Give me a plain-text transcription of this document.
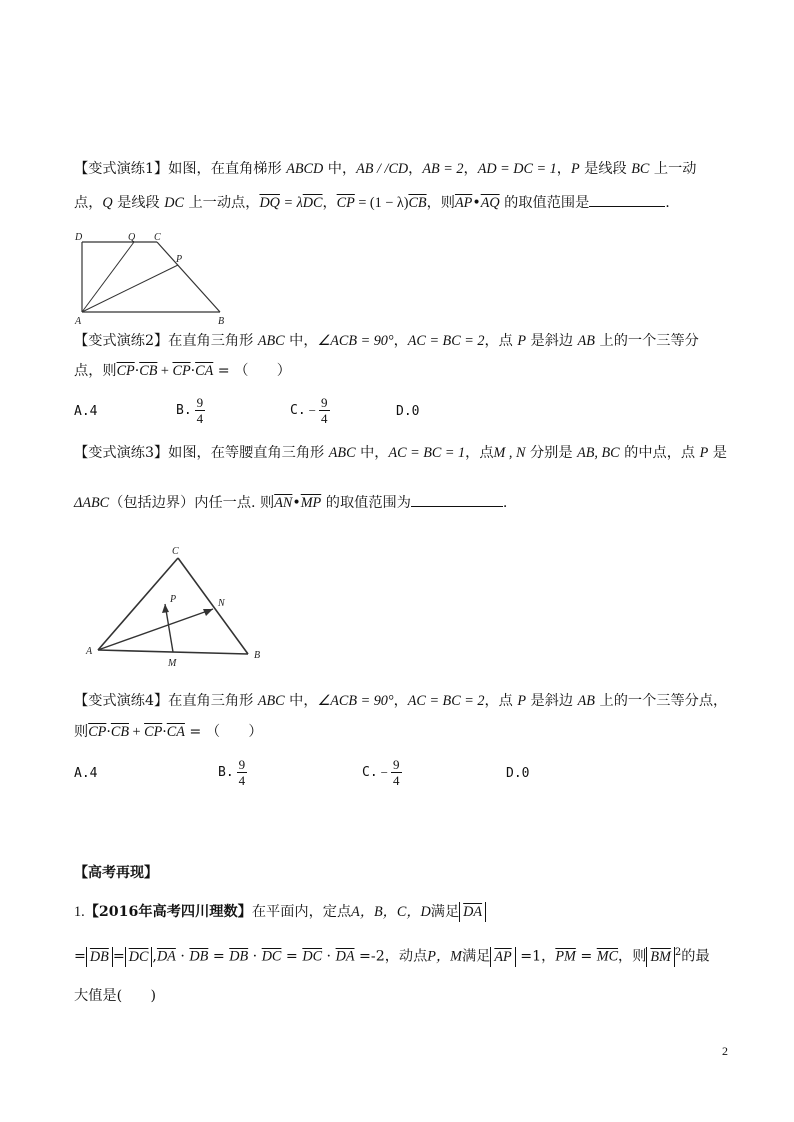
【变式演练1】如图，在直角梯形 ABCD 中，AB / /CD，AB = 2，AD = DC = 1，P 是线段 BC 上一动
点，Q 是线段 DC 上一动点，$\overline{DQ} = \lambda\overline{DC}$，$\overline{CP} = (1 - \lambda)\overline{CB}$，则$\overline{AP}•\overline{AQ}$ 的取值范围是	.
D	Q C
P
A	B
【变式演练2】在直角三角形 ABC 中，∠ACB = 90°，AC = BC = 2，点 P 是斜边 AB 上的一个三等分
点，则$\overline{CP}\cdot\overline{CB} + \overline{CP}\cdot\overline{CA}$ = （　　）
A.4	B. $\frac{9}{4}$	C. − $\frac{9}{4}$	D.0
【变式演练3】如图，在等腰直角三角形 ABC 中，AC = BC = 1，点M , N 分别是 AB, BC 的中点，点 P 是
ΔABC（包括边界）内任一点. 则$\overline{AN}•\overline{MP}$ 的取值范围为	.
C
P	N
A
M
B
【变式演练4】在直角三角形 ABC 中，∠ACB = 90°，AC = BC = 2，点 P 是斜边 AB 上的一个三等分点，
则$\overline{CP}\cdot\overline{CB} + \overline{CP}\cdot\overline{CA}$ = （　　）
A.4	B. $\frac{9}{4}$	C. − $\frac{9}{4}$	D.0
【高考再现】
1.【2016年高考四川理数】在平面内，定点A，B，C，D满足 $\overline{DA}$
= $\overline{DB} = \overline{DC}$ $,\overline{DA} \cdot \overline{DB} = \overline{DB} \cdot \overline{DC} = \overline{DC} \cdot \overline{DA} =-2$，动点P，M满足 $\overline{AP} =1$，$\overline{PM} = \overline{MC}$，则 $\overline{BM}$ $^2$的最
大值是(　　)
2
